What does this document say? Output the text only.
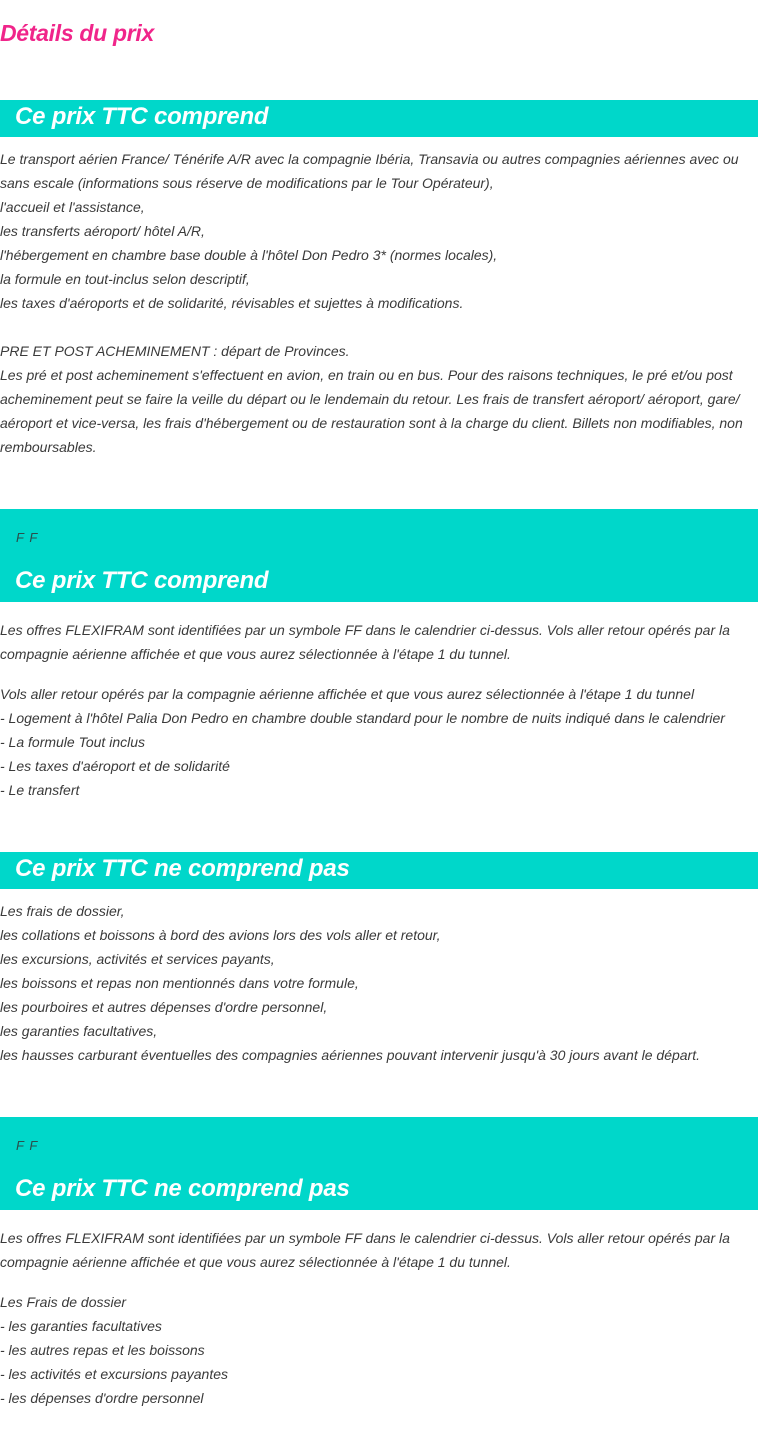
Détails du prix
Ce prix TTC comprend
Le transport aérien France/ Ténérife A/R avec la compagnie Ibéria, Transavia ou autres compagnies aériennes avec ou sans escale (informations sous réserve de modifications par le Tour Opérateur),
l'accueil et l'assistance,
les transferts aéroport/ hôtel A/R,
l'hébergement en chambre base double à l'hôtel Don Pedro 3* (normes locales),
la formule en tout-inclus selon descriptif,
les taxes d'aéroports et de solidarité, révisables et sujettes à modifications.

PRE ET POST ACHEMINEMENT : départ de Provinces.
Les pré et post acheminement s'effectuent en avion, en train ou en bus. Pour des raisons techniques, le pré et/ou post acheminement peut se faire la veille du départ ou le lendemain du retour. Les frais de transfert aéroport/ aéroport, gare/ aéroport et vice-versa, les frais d'hébergement ou de restauration sont à la charge du client. Billets non modifiables, non remboursables.
F F
Ce prix TTC comprend
Les offres FLEXIFRAM sont identifiées par un symbole FF dans le calendrier ci-dessus. Vols aller retour opérés par la compagnie aérienne affichée et que vous aurez sélectionnée à l'étape 1 du tunnel.
Vols aller retour opérés par la compagnie aérienne affichée et que vous aurez sélectionnée à l'étape 1 du tunnel
- Logement à l'hôtel Palia Don Pedro en chambre double standard pour le nombre de nuits indiqué dans le calendrier
- La formule Tout inclus
- Les taxes d'aéroport et de solidarité
- Le transfert
Ce prix TTC ne comprend pas
Les frais de dossier,
les collations et boissons à bord des avions lors des vols aller et retour,
les excursions, activités et services payants,
les boissons et repas non mentionnés dans votre formule,
les pourboires et autres dépenses d'ordre personnel,
les garanties facultatives,
les hausses carburant éventuelles des compagnies aériennes pouvant intervenir jusqu'à 30 jours avant le départ.
F F
Ce prix TTC ne comprend pas
Les offres FLEXIFRAM sont identifiées par un symbole FF dans le calendrier ci-dessus. Vols aller retour opérés par la compagnie aérienne affichée et que vous aurez sélectionnée à l'étape 1 du tunnel.
Les Frais de dossier
- les garanties facultatives
- les autres repas et les boissons
- les activités et excursions payantes
- les dépenses d'ordre personnel
